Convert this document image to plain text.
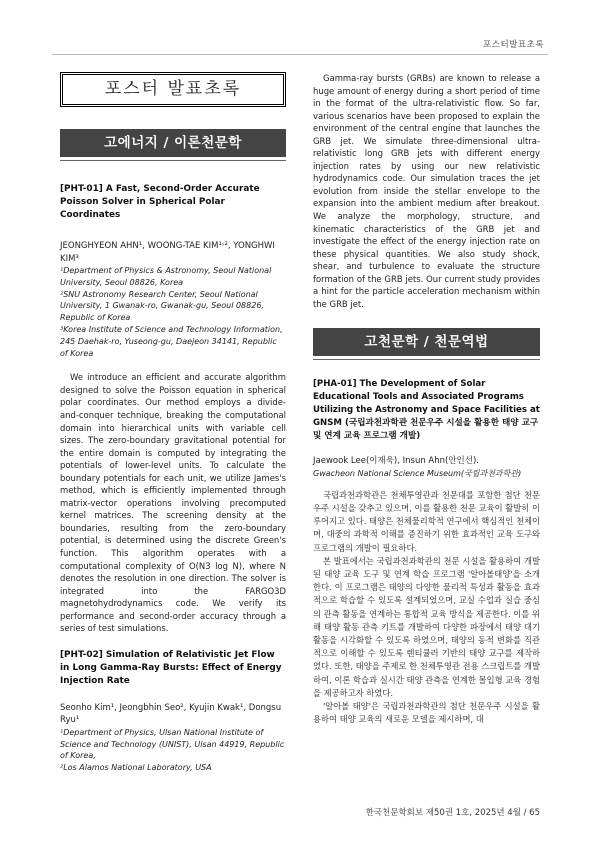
포스터발표초록
포스터 발표초록
고에너지 / 이론천문학

[PHT-01] A Fast, Second-Order Accurate Poisson Solver in Spherical Polar Coordinates

JEONGHYEON AHN¹, WOONG-TAE KIM¹˒², YONGHWI KIM³
¹Department of Physics & Astronomy, Seoul National University, Seoul 08826, Korea
²SNU Astronomy Research Center, Seoul National University, 1 Gwanak-ro, Gwanak-gu, Seoul 08826, Republic of Korea
³Korea Institute of Science and Technology Information, 245 Daehak-ro, Yuseong-gu, Daejeon 34141, Republic of Korea

We introduce an efficient and accurate algorithm designed to solve the Poisson equation in spherical polar coordinates. Our method employs a divide-and-conquer technique, breaking the computational domain into hierarchical units with variable cell sizes. The zero-boundary gravitational potential for the entire domain is computed by integrating the potentials of lower-level units. To calculate the boundary potentials for each unit, we utilize James's method, which is efficiently implemented through matrix-vector operations involving precomputed kernel matrices. The screening density at the boundaries, resulting from the zero-boundary potential, is determined using the discrete Green's function. This algorithm operates with a computational complexity of O(N3 log N), where N denotes the resolution in one direction. The solver is integrated into the FARGO3D magnetohydrodynamics code. We verify its performance and second-order accuracy through a series of test simulations.

[PHT-02] Simulation of Relativistic Jet Flow in Long Gamma-Ray Bursts: Effect of Energy Injection Rate

Seonho Kim¹, Jeongbhin Seo², Kyujin Kwak¹, Dongsu Ryu¹
¹Department of Physics, Ulsan National Institute of Science and Technology (UNIST), Ulsan 44919, Republic of Korea,
²Los Alamos National Laboratory, USA

Gamma-ray bursts (GRBs) are known to release a huge amount of energy during a short period of time in the format of the ultra-relativistic flow. So far, various scenarios have been proposed to explain the environment of the central engine that launches the GRB jet. We simulate three-dimensional ultra-relativistic long GRB jets with different energy injection rates by using our new relativistic hydrodynamics code. Our simulation traces the jet evolution from inside the stellar envelope to the expansion into the ambient medium after breakout. We analyze the morphology, structure, and kinematic characteristics of the GRB jet and investigate the effect of the energy injection rate on these physical quantities. We also study shock, shear, and turbulence to evaluate the structure formation of the GRB jets. Our current study provides a hint for the particle acceleration mechanism within the GRB jet.

고천문학 / 천문역법

[PHA-01] The Development of Solar Educational Tools and Associated Programs Utilizing the Astronomy and Space Facilities at GNSM (국립과천과학관 천문우주 시설을 활용한 태양 교구 및 연계 교육 프로그램 개발)

Jaewook Lee(이재욱), Insun Ahn(안인선).
Gwacheon National Science Museum(국립과천과학관)

국립과천과학관은 천체투영관과 천문대를 포함한 첨단 천문우주 시설을 갖추고 있으며, 이를 활용한 천문 교육이 활발히 이루어지고 있다. 태양은 천체물리학적 연구에서 핵심적인 천체이며, 대중의 과학적 이해를 증진하기 위한 효과적인 교육 도구와 프로그램의 개발이 필요하다.

본 발표에서는 국립과천과학관의 천문 시설을 활용하여 개발된 태양 교육 도구 및 연계 학습 프로그램 '알아볼태양'을 소개한다. 이 프로그램은 태양의 다양한 물리적 특성과 활동을 효과적으로 학습할 수 있도록 설계되었으며, 교실 수업과 실습 중심의 관측 활동을 연계하는 통합적 교육 방식을 제공한다. 이를 위해 태양 활동 관측 키트를 개발하여 다양한 파장에서 태양 대기 활동을 시각화할 수 있도록 하였으며, 태양의 동적 변화를 직관적으로 이해할 수 있도록 렌티큘러 기반의 태양 교구를 제작하였다. 또한, 태양을 주제로 한 천체투영관 전용 스크립트를 개발하여, 이론 학습과 실시간 태양 관측을 연계한 몰입형 교육 경험을 제공하고자 하였다.

'알아볼 태양'은 국립과천과학관의 첨단 천문우주 시설을 활용하여 태양 교육의 새로운 모델을 제시하며, 대

한국천문학회보 제50권 1호, 2025년 4월 / 65
